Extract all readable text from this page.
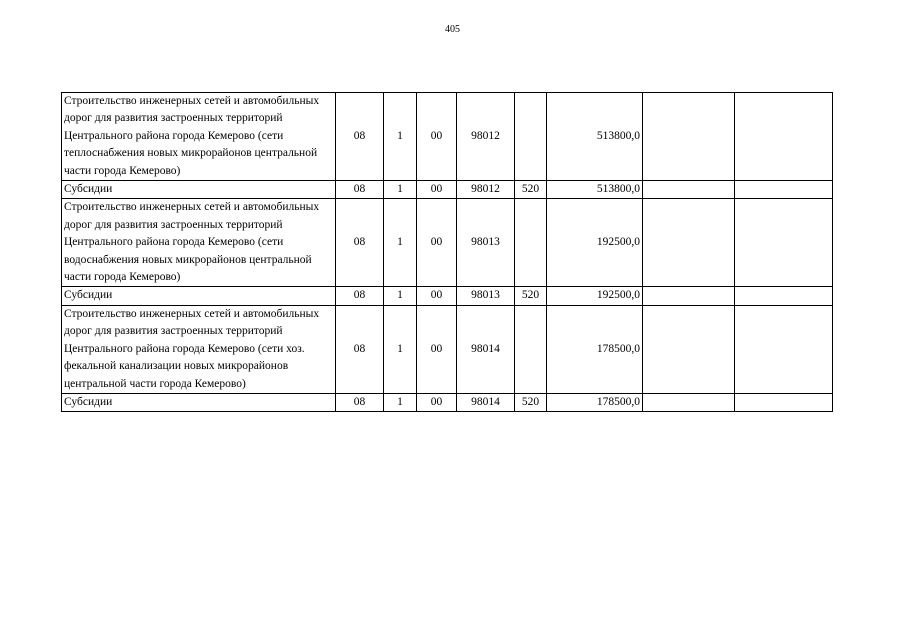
405
Строительство инженерных сетей и автомобильных дорог для развития застроенных территорий Центрального района города Кемерово (сети теплоснабжения новых микрорайонов центральной части города Кемерово)	08	1	00	98012		513800,0		
Субсидии	08	1	00	98012	520	513800,0		
Строительство инженерных сетей и автомобильных дорог для развития застроенных территорий Центрального района города Кемерово (сети водоснабжения новых микрорайонов центральной части города Кемерово)	08	1	00	98013		192500,0		
Субсидии	08	1	00	98013	520	192500,0		
Строительство инженерных сетей и автомобильных дорог для развития застроенных территорий Центрального района города Кемерово (сети хоз. фекальной канализации новых микрорайонов центральной части города Кемерово)	08	1	00	98014		178500,0		
Субсидии	08	1	00	98014	520	178500,0		
